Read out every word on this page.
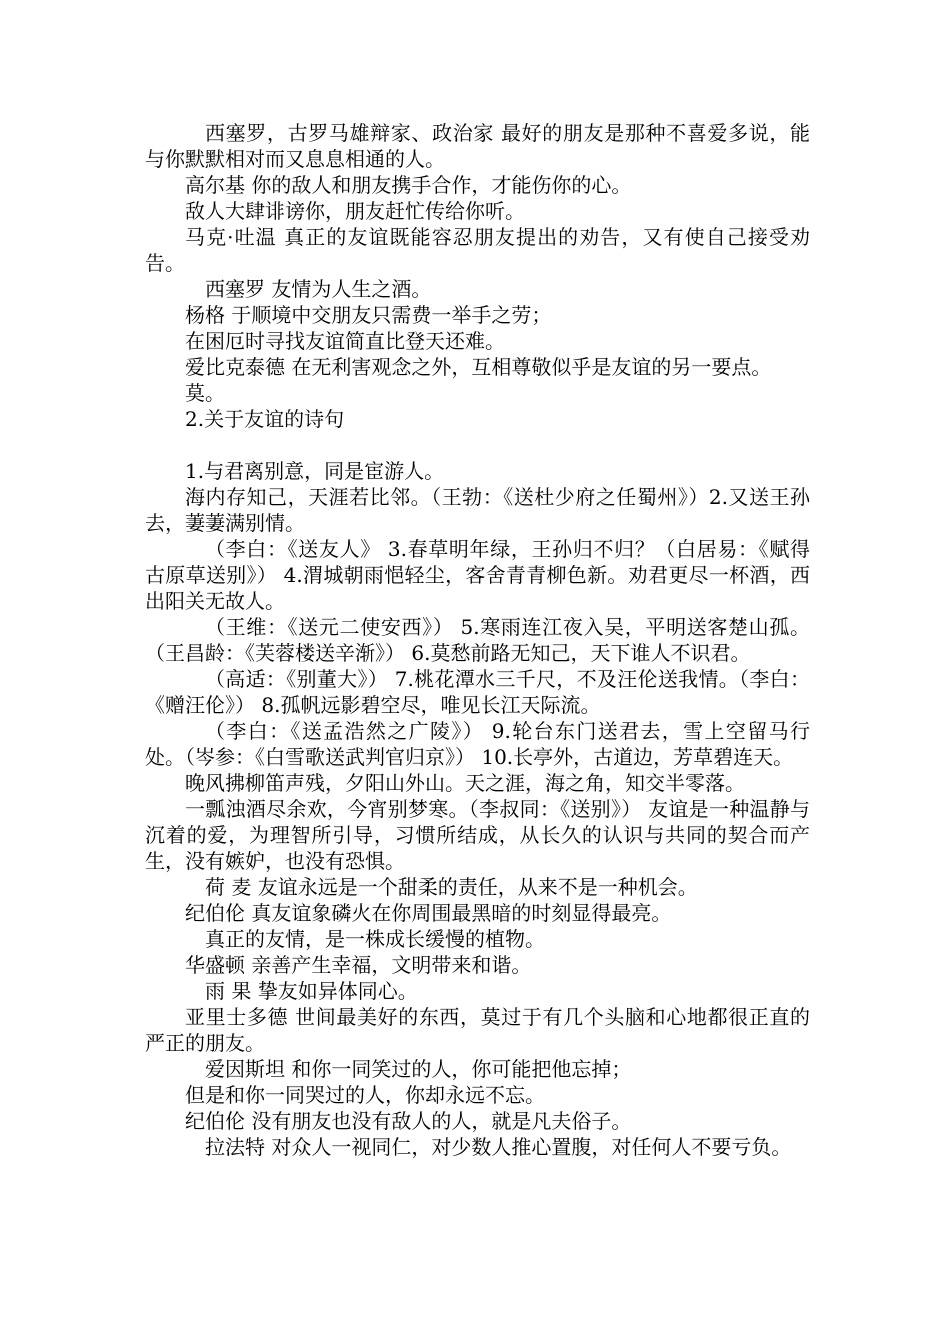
西塞罗，古罗马雄辩家、政治家 最好的朋友是那种不喜爱多说，能与你默默相对而又息息相通的人。

高尔基 你的敌人和朋友携手合作，才能伤你的心。

敌人大肆诽谤你，朋友赶忙传给你听。

马克·吐温 真正的友谊既能容忍朋友提出的劝告，又有使自己接受劝告。

西塞罗 友情为人生之酒。

杨格 于顺境中交朋友只需费一举手之劳；

在困厄时寻找友谊简直比登天还难。

爱比克泰德 在无利害观念之外，互相尊敬似乎是友谊的另一要点。

莫。

2.关于友谊的诗句

1.与君离别意，同是宦游人。

海内存知己，天涯若比邻。（王勃：《送杜少府之任蜀州》）2.又送王孙去，萋萋满别情。

（李白：《送友人》 3.春草明年绿，王孙归不归？（白居易：《赋得古原草送别》） 4.渭城朝雨悒轻尘，客舍青青柳色新。劝君更尽一杯酒，西出阳关无故人。

（王维：《送元二使安西》） 5.寒雨连江夜入吴，平明送客楚山孤。（王昌龄：《芙蓉楼送辛渐》） 6.莫愁前路无知己，天下谁人不识君。

（高适：《别董大》） 7.桃花潭水三千尺，不及汪伦送我情。（李白：《赠汪伦》） 8.孤帆远影碧空尽，唯见长江天际流。

（李白：《送孟浩然之广陵》） 9.轮台东门送君去，雪上空留马行处。（岑参：《白雪歌送武判官归京》） 10.长亭外，古道边，芳草碧连天。

晚风拂柳笛声残，夕阳山外山。天之涯，海之角，知交半零落。

一瓢浊酒尽余欢，今宵别梦寒。（李叔同：《送别》） 友谊是一种温静与沉着的爱，为理智所引导，习惯所结成，从长久的认识与共同的契合而产生，没有嫉妒，也没有恐惧。

荷 麦 友谊永远是一个甜柔的责任，从来不是一种机会。

纪伯伦 真友谊象磷火在你周围最黑暗的时刻显得最亮。

真正的友情，是一株成长缓慢的植物。

华盛顿 亲善产生幸福，文明带来和谐。

雨 果 挚友如异体同心。

亚里士多德 世间最美好的东西，莫过于有几个头脑和心地都很正直的严正的朋友。

爱因斯坦 和你一同笑过的人，你可能把他忘掉；

但是和你一同哭过的人，你却永远不忘。

纪伯伦 没有朋友也没有敌人的人，就是凡夫俗子。

拉法特 对众人一视同仁，对少数人推心置腹，对任何人不要亏负。
